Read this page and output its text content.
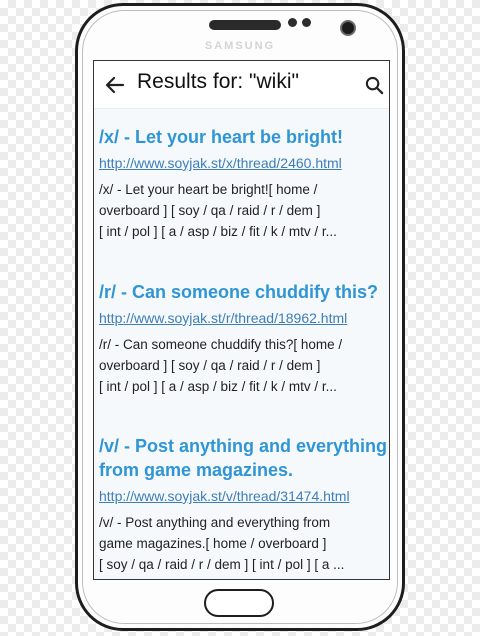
SAMSUNG
Results for: "wiki"
/x/ - Let your heart be bright!
http://www.soyjak.st/x/thread/2460.html
/x/ - Let your heart be bright![ home /
overboard ] [ soy / qa / raid / r / dem ]
[ int / pol ] [ a / asp / biz / fit / k / mtv / r...
/r/ - Can someone chuddify this?
http://www.soyjak.st/r/thread/18962.html
/r/ - Can someone chuddify this?[ home /
overboard ] [ soy / qa / raid / r / dem ]
[ int / pol ] [ a / asp / biz / fit / k / mtv / r...
/v/ - Post anything and everything
from game magazines.
http://www.soyjak.st/v/thread/31474.html
/v/ - Post anything and everything from
game magazines.[ home / overboard ]
[ soy / qa / raid / r / dem ] [ int / pol ] [ a ...
